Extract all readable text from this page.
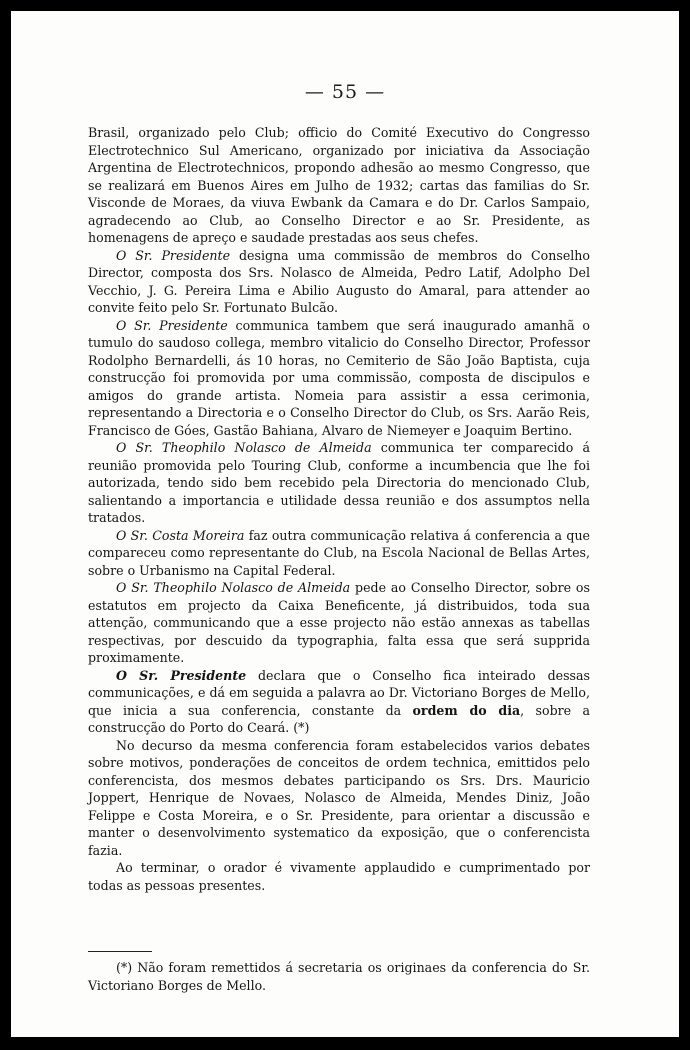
— 55 —

Brasil, organizado pelo Club; officio do Comité Executivo do Congresso Electrotechnico Sul Americano, organizado por iniciativa da Associação Argentina de Electrotechnicos, propondo adhesão ao mesmo Congresso, que se realizará em Buenos Aires em Julho de 1932; cartas das familias do Sr. Visconde de Moraes, da viuva Ewbank da Camara e do Dr. Carlos Sampaio, agradecendo ao Club, ao Conselho Director e ao Sr. Presidente, as homenagens de apreço e saudade prestadas aos seus chefes.

O Sr. Presidente designa uma commissão de membros do Conselho Director, composta dos Srs. Nolasco de Almeida, Pedro Latif, Adolpho Del Vecchio, J. G. Pereira Lima e Abilio Augusto do Amaral, para attender ao convite feito pelo Sr. Fortunato Bulcão.

O Sr. Presidente communica tambem que será inaugurado amanhã o tumulo do saudoso collega, membro vitalicio do Conselho Director, Professor Rodolpho Bernardelli, ás 10 horas, no Cemiterio de São João Baptista, cuja construcção foi promovida por uma commissão, composta de discipulos e amigos do grande artista. Nomeia para assistir a essa cerimonia, representando a Directoria e o Conselho Director do Club, os Srs. Aarão Reis, Francisco de Góes, Gastão Bahiana, Alvaro de Niemeyer e Joaquim Bertino.

O Sr. Theophilo Nolasco de Almeida communica ter comparecido á reunião promovida pelo Touring Club, conforme a incumbencia que lhe foi autorizada, tendo sido bem recebido pela Directoria do mencionado Club, salientando a importancia e utilidade dessa reunião e dos assumptos nella tratados.

O Sr. Costa Moreira faz outra communicação relativa á conferencia a que compareceu como representante do Club, na Escola Nacional de Bellas Artes, sobre o Urbanismo na Capital Federal.

O Sr. Theophilo Nolasco de Almeida pede ao Conselho Director, sobre os estatutos em projecto da Caixa Beneficente, já distribuidos, toda sua attenção, communicando que a esse projecto não estão annexas as tabellas respectivas, por descuido da typographia, falta essa que será supprida proximamente.

O Sr. Presidente declara que o Conselho fica inteirado dessas communicações, e dá em seguida a palavra ao Dr. Victoriano Borges de Mello, que inicia a sua conferencia, constante da ordem do dia, sobre a construcção do Porto do Ceará. (*)

No decurso da mesma conferencia foram estabelecidos varios debates sobre motivos, ponderações de conceitos de ordem technica, emittidos pelo conferencista, dos mesmos debates participando os Srs. Drs. Mauricio Joppert, Henrique de Novaes, Nolasco de Almeida, Mendes Diniz, João Felippe e Costa Moreira, e o Sr. Presidente, para orientar a discussão e manter o desenvolvimento systematico da exposição, que o conferencista fazia.

Ao terminar, o orador é vivamente applaudido e cumprimentado por todas as pessoas presentes.

(*) Não foram remettidos á secretaria os originaes da conferencia do Sr. Victoriano Borges de Mello.
